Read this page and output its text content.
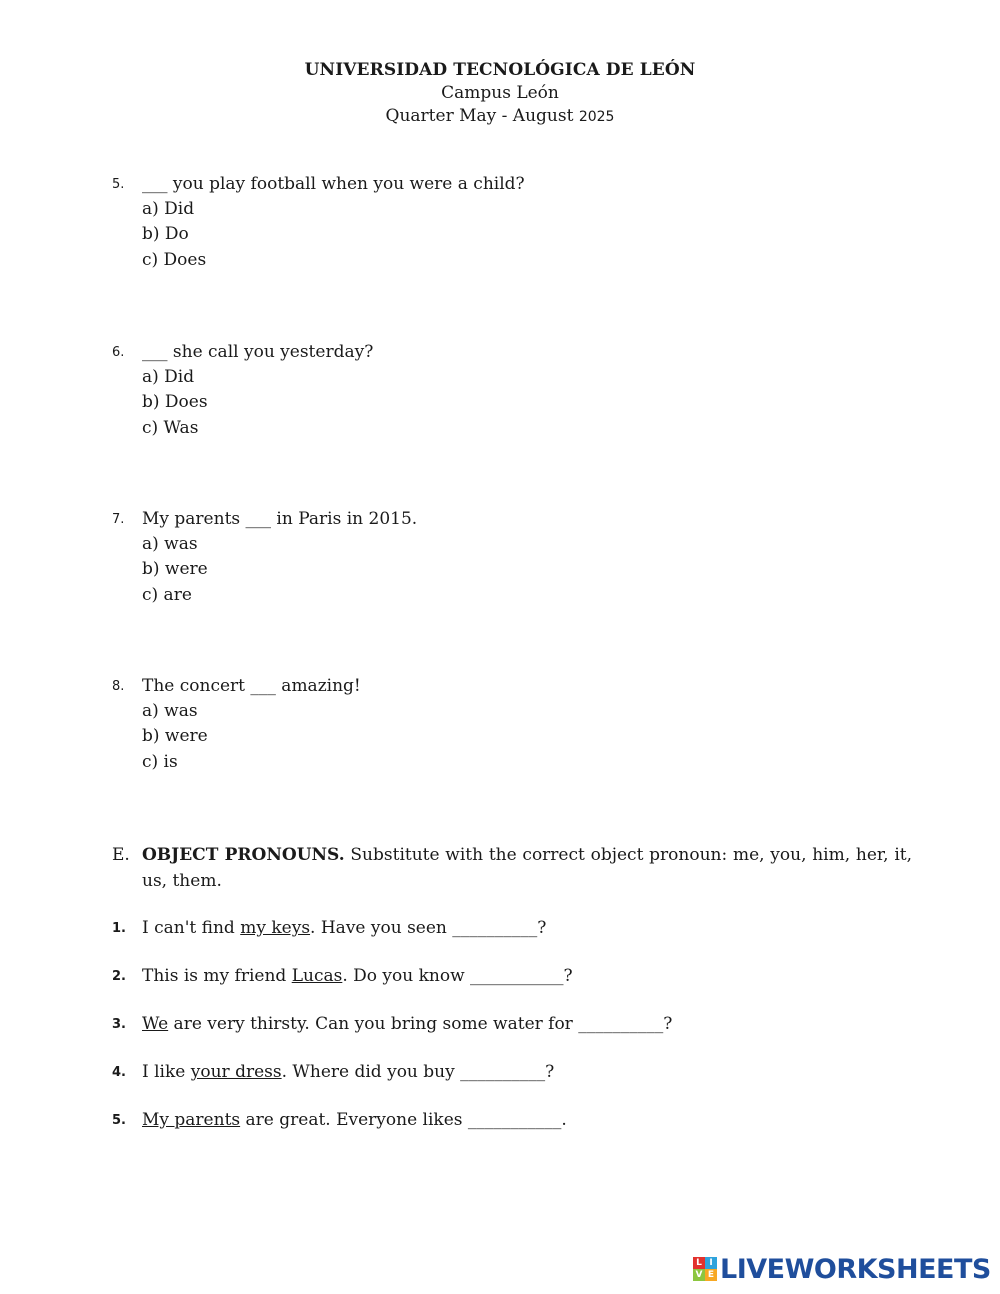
UNIVERSIDAD TECNOLÓGICA DE LEÓN
Campus León
Quarter May ‐ August 2025
5. ___ you play football when you were a child?
a) Did
b) Do
c) Does
6. ___ she call you yesterday?
a) Did
b) Does
c) Was
7. My parents ___ in Paris in 2015.
a) was
b) were
c) are
8. The concert ___ amazing!
a) was
b) were
c) is
E. OBJECT PRONOUNS. Substitute with the correct object pronoun: me, you, him, her, it, us, them.
1. I can't find my keys. Have you seen __________?
2. This is my friend Lucas. Do you know ___________?
3. We are very thirsty. Can you bring some water for __________?
4. I like your dress. Where did you buy __________?
5. My parents are great. Everyone likes ___________.
L I
V E LIVEWORKSHEETS
